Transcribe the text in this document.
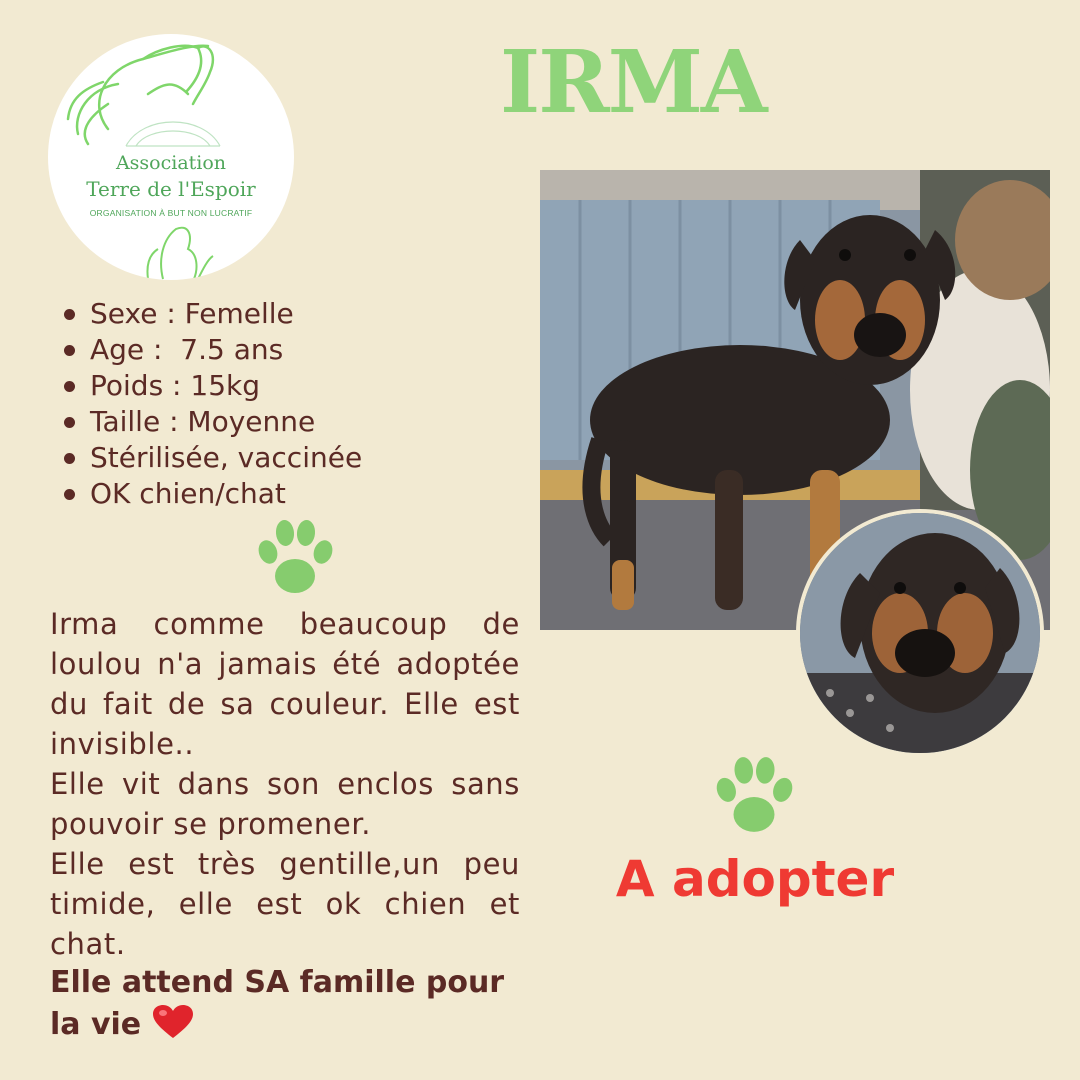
IRMA
Association
Terre de l'Espoir
ORGANISATION À BUT NON LUCRATIF
Sexe : Femelle
Age :  7.5 ans
Poids : 15kg
Taille : Moyenne
Stérilisée, vaccinée
OK chien/chat

Irma comme beaucoup de loulou n'a jamais été adoptée du fait de sa couleur. Elle est invisible..

Elle vit dans son enclos sans pouvoir se promener.

Elle est très gentille,un peu timide, elle est ok chien et chat.

Elle attend SA famille pour la vie
A adopter
